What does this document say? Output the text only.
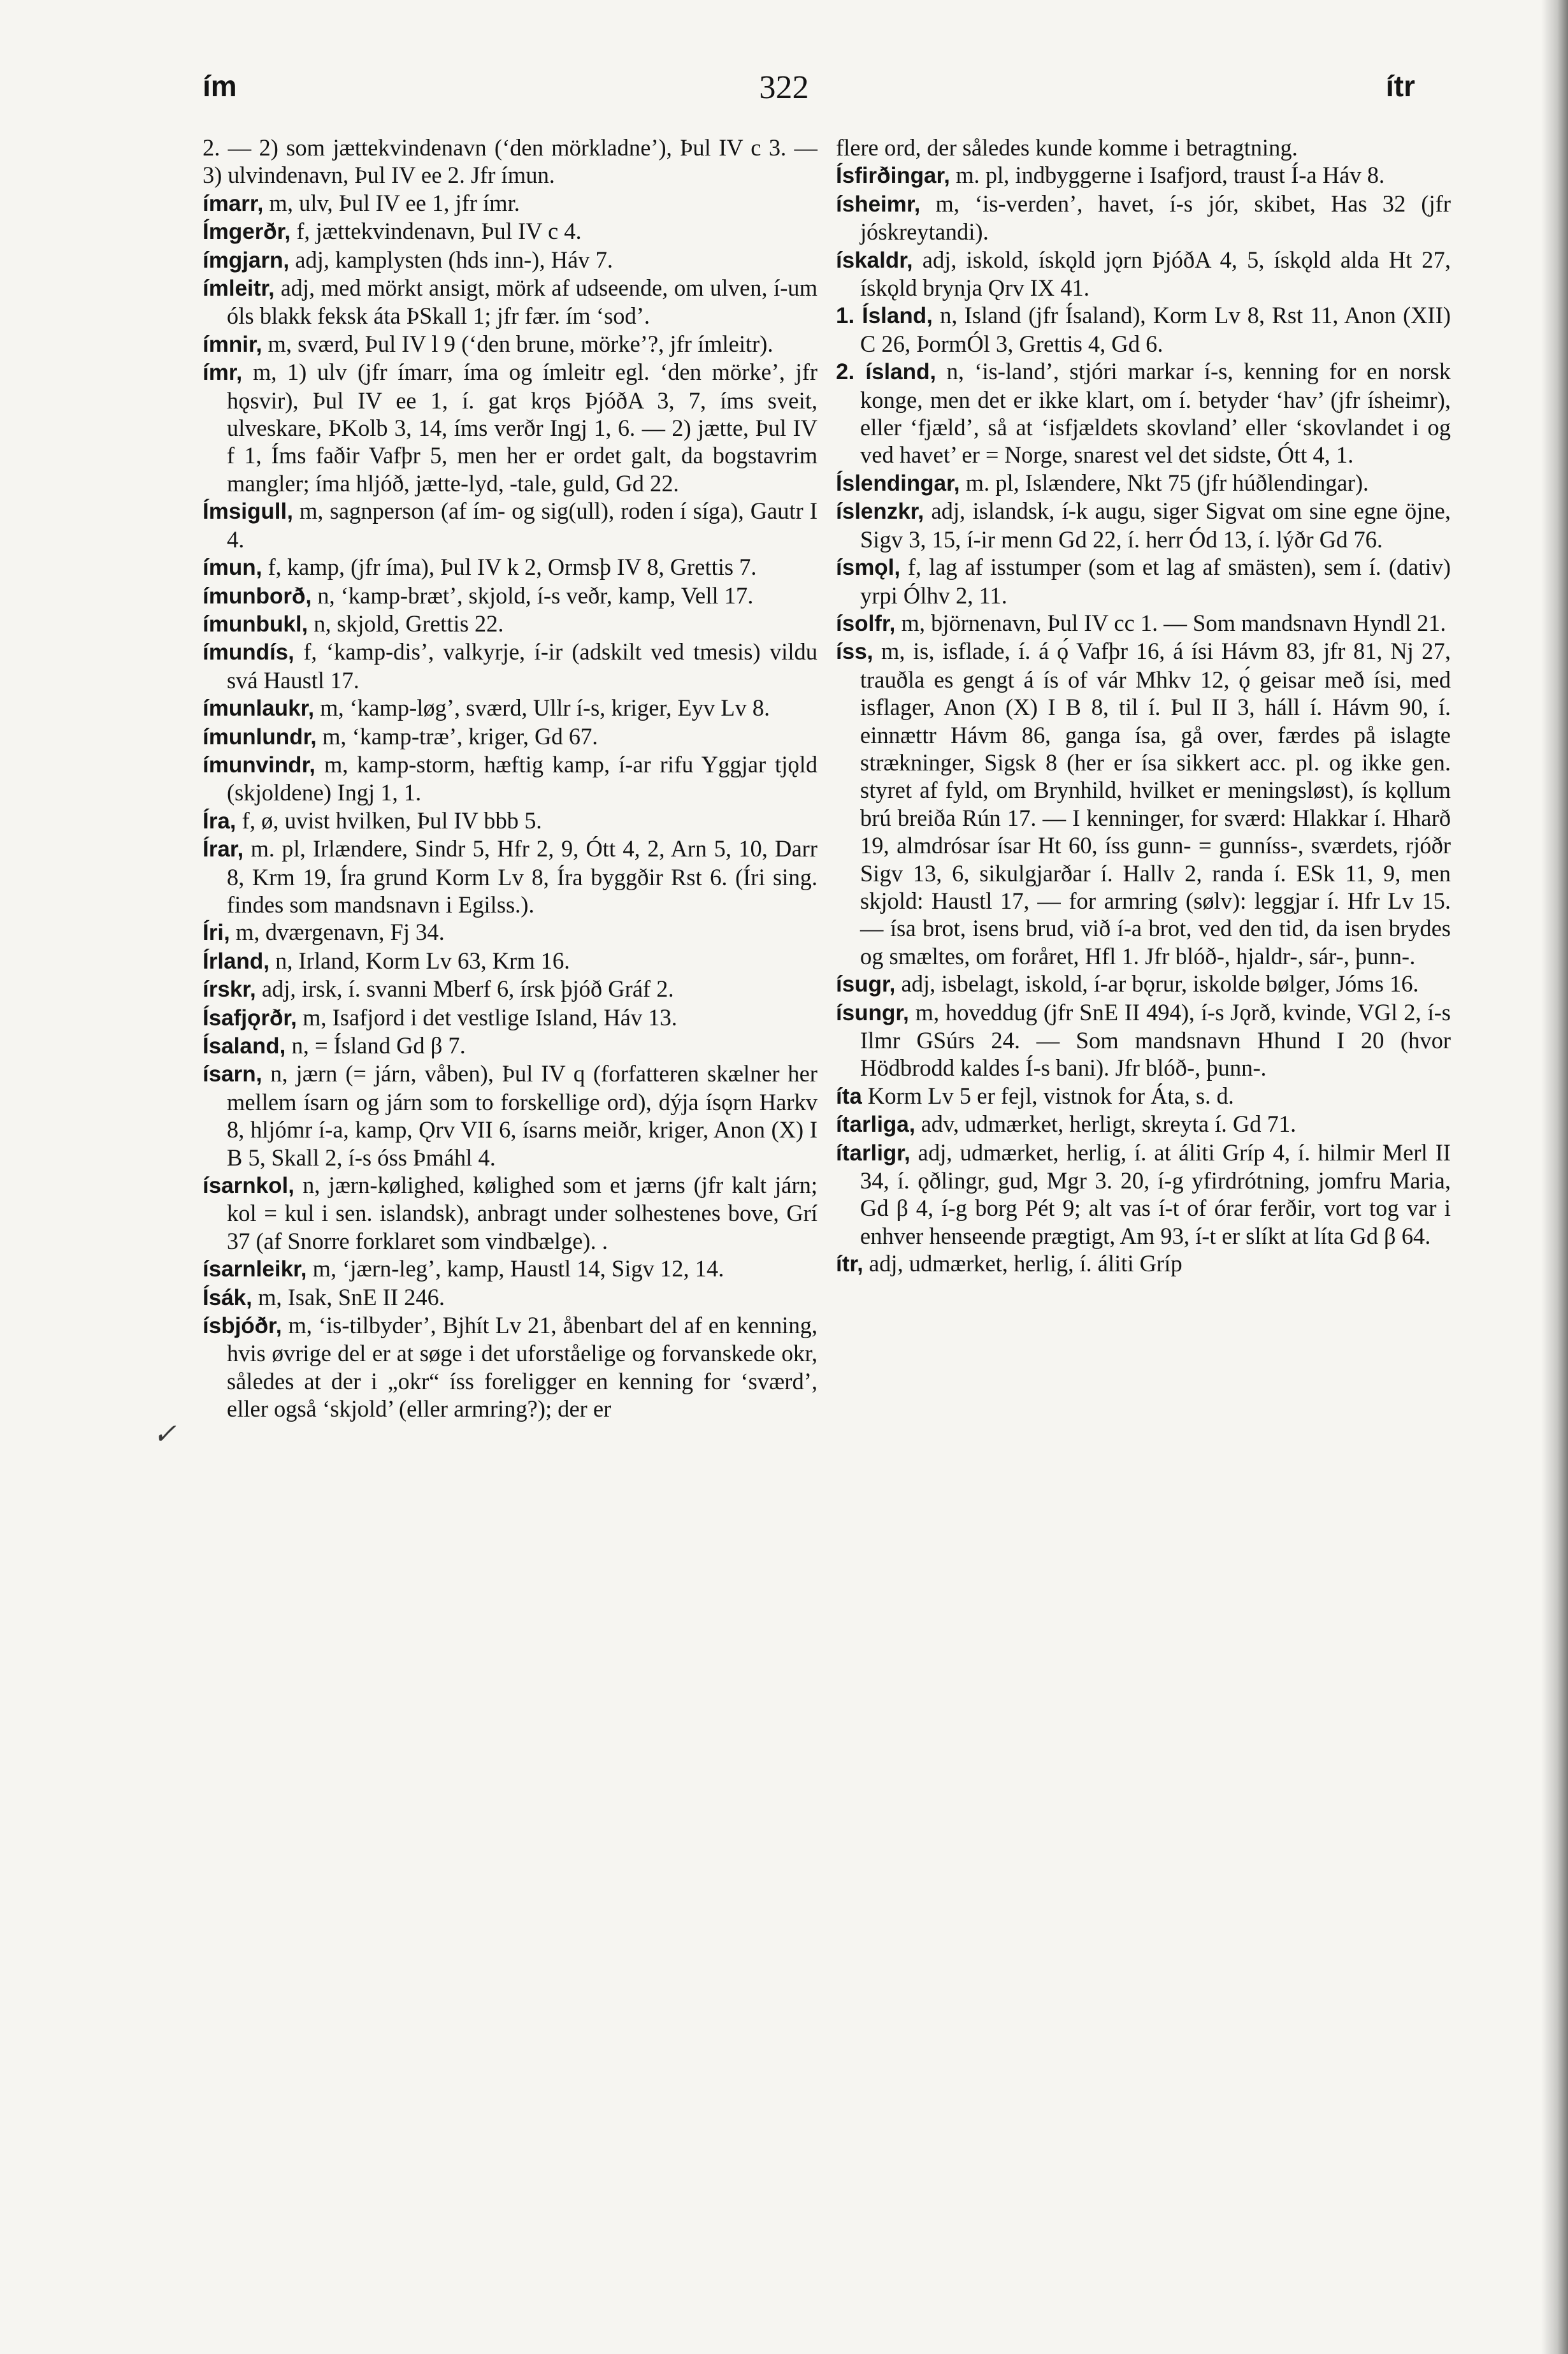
ím	322	ítr
✓

2. — 2) som jættekvindenavn (‘den mörkladne’), Þul IV c 3. — 3) ulvindenavn, Þul IV ee 2. Jfr ímun.

ímarr, m, ulv, Þul IV ee 1, jfr ímr.

Ímgerðr, f, jættekvindenavn, Þul IV c 4.

ímgjarn, adj, kamplysten (hds inn-), Háv 7.

ímleitr, adj, med mörkt ansigt, mörk af udseende, om ulven, í-um óls blakk feksk áta ÞSkall 1; jfr fær. ím ‘sod’.

ímnir, m, sværd, Þul IV l 9 (‘den brune, mörke’?, jfr ímleitr).

ímr, m, 1) ulv (jfr ímarr, íma og ímleitr egl. ‘den mörke’, jfr hǫsvir), Þul IV ee 1, í. gat krǫs ÞjóðA 3, 7, íms sveit, ulveskare, ÞKolb 3, 14, íms verðr Ingj 1, 6. — 2) jætte, Þul IV f 1, Íms faðir Vafþr 5, men her er ordet galt, da bogstavrim mangler; íma hljóð, jætte-lyd, -tale, guld, Gd 22.

Ímsigull, m, sagnperson (af ím- og sig(ull), roden í síga), Gautr I 4.

ímun, f, kamp, (jfr íma), Þul IV k 2, Ormsþ IV 8, Grettis 7.

ímunborð, n, ‘kamp-bræt’, skjold, í-s veðr, kamp, Vell 17.

ímunbukl, n, skjold, Grettis 22.

ímundís, f, ‘kamp-dis’, valkyrje, í-ir (adskilt ved tmesis) vildu svá Haustl 17.

ímunlaukr, m, ‘kamp-løg’, sværd, Ullr í-s, kriger, Eyv Lv 8.

ímunlundr, m, ‘kamp-træ’, kriger, Gd 67.

ímunvindr, m, kamp-storm, hæftig kamp, í-ar rifu Yggjar tjǫld (skjoldene) Ingj 1, 1.

Íra, f, ø, uvist hvilken, Þul IV bbb 5.

Írar, m. pl, Irlændere, Sindr 5, Hfr 2, 9, Ótt 4, 2, Arn 5, 10, Darr 8, Krm 19, Íra grund Korm Lv 8, Íra byggðir Rst 6. (Íri sing. findes som mandsnavn i Egilss.).

Íri, m, dværgenavn, Fj 34.

Írland, n, Irland, Korm Lv 63, Krm 16.

írskr, adj, irsk, í. svanni Mberf 6, írsk þjóð Gráf 2.

Ísafjǫrðr, m, Isafjord i det vestlige Island, Háv 13.

Ísaland, n, = Ísland Gd β 7.

ísarn, n, jærn (= járn, våben), Þul IV q (forfatteren skælner her mellem ísarn og járn som to forskellige ord), dýja ísǫrn Harkv 8, hljómr í-a, kamp, Ǫrv VII 6, ísarns meiðr, kriger, Anon (X) I B 5, Skall 2, í-s óss Þmáhl 4.

ísarnkol, n, jærn-kølighed, kølighed som et jærns (jfr kalt járn; kol = kul i sen. islandsk), anbragt under solhestenes bove, Grí 37 (af Snorre forklaret som vindbælge). .

ísarnleikr, m, ‘jærn-leg’, kamp, Haustl 14, Sigv 12, 14.

Ísák, m, Isak, SnE II 246.

ísbjóðr, m, ‘is-tilbyder’, Bjhít Lv 21, åbenbart del af en kenning, hvis øvrige del er at søge i det uforståelige og forvanskede okr, således at der i „okr“ íss foreligger en kenning for ‘sværd’, eller også ‘skjold’ (eller armring?); der er

flere ord, der således kunde komme i betragtning.

Ísfirðingar, m. pl, indbyggerne i Isafjord, traust Í-a Háv 8.

ísheimr, m, ‘is-verden’, havet, í-s jór, skibet, Has 32 (jfr jóskreytandi).

ískaldr, adj, iskold, ískǫld jǫrn ÞjóðA 4, 5, ískǫld alda Ht 27, ískǫld brynja Ǫrv IX 41.

1. Ísland, n, Island (jfr Ísaland), Korm Lv 8, Rst 11, Anon (XII) C 26, ÞormÓl 3, Grettis 4, Gd 6.

2. ísland, n, ‘is-land’, stjóri markar í-s, kenning for en norsk konge, men det er ikke klart, om í. betyder ‘hav’ (jfr ísheimr), eller ‘fjæld’, så at ‘isfjældets skovland’ eller ‘skovlandet i og ved havet’ er = Norge, snarest vel det sidste, Ótt 4, 1.

Íslendingar, m. pl, Islændere, Nkt 75 (jfr húðlendingar).

íslenzkr, adj, islandsk, í-k augu, siger Sigvat om sine egne öjne, Sigv 3, 15, í-ir menn Gd 22, í. herr Ód 13, í. lýðr Gd 76.

ísmǫl, f, lag af isstumper (som et lag af smästen), sem í. (dativ) yrpi Ólhv 2, 11.

ísolfr, m, björnenavn, Þul IV cc 1. — Som mandsnavn Hyndl 21.

íss, m, is, isflade, í. á ǫ́ Vafþr 16, á ísi Hávm 83, jfr 81, Nj 27, trauðla es gengt á ís of vár Mhkv 12, ǫ́ geisar með ísi, med isflager, Anon (X) I B 8, til í. Þul II 3, háll í. Hávm 90, í. einnættr Hávm 86, ganga ísa, gå over, færdes på islagte strækninger, Sigsk 8 (her er ísa sikkert acc. pl. og ikke gen. styret af fyld, om Brynhild, hvilket er meningsløst), ís kǫllum brú breiða Rún 17. — I kenninger, for sværd: Hlakkar í. Hharð 19, almdrósar ísar Ht 60, íss gunn- = gunníss-, sværdets, rjóðr Sigv 13, 6, sikulgjarðar í. Hallv 2, randa í. ESk 11, 9, men skjold: Haustl 17, — for armring (sølv): leggjar í. Hfr Lv 15. — ísa brot, isens brud, við í-a brot, ved den tid, da isen brydes og smæltes, om foråret, Hfl 1. Jfr blóð-, hjaldr-, sár-, þunn-.

ísugr, adj, isbelagt, iskold, í-ar bǫrur, iskolde bølger, Jóms 16.

ísungr, m, hoveddug (jfr SnE II 494), í-s Jǫrð, kvinde, VGl 2, í-s Ilmr GSúrs 24. — Som mandsnavn Hhund I 20 (hvor Hödbrodd kaldes Í-s bani). Jfr blóð-, þunn-.

íta Korm Lv 5 er fejl, vistnok for Áta, s. d.

ítarliga, adv, udmærket, herligt, skreyta í. Gd 71.

ítarligr, adj, udmærket, herlig, í. at áliti Gríp 4, í. hilmir Merl II 34, í. ǫðlingr, gud, Mgr 3. 20, í-g yfirdrótning, jomfru Maria, Gd β 4, í-g borg Pét 9; alt vas í-t of órar ferðir, vort tog var i enhver henseende prægtigt, Am 93, í-t er slíkt at líta Gd β 64.

ítr, adj, udmærket, herlig, í. áliti Gríp
